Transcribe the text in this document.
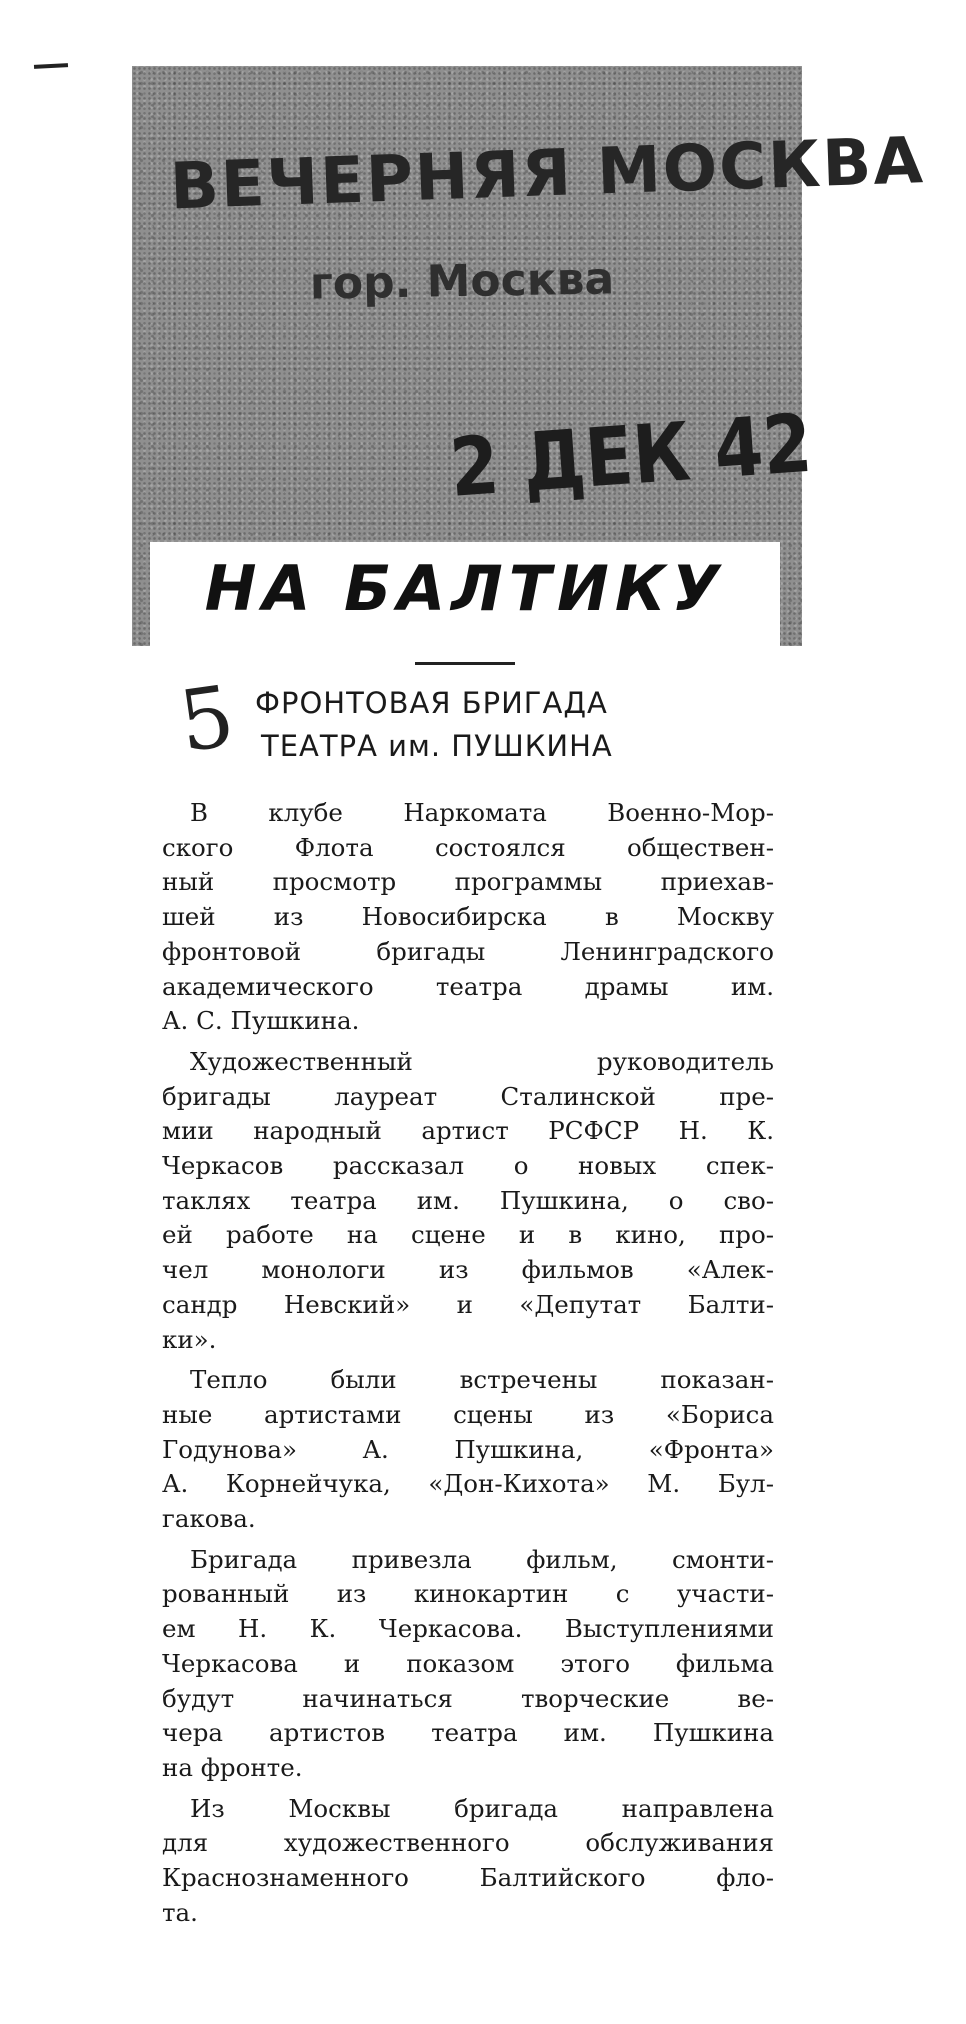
ВЕЧЕРНЯЯ МОСКВА
гор. Москва
2 ДЕК 42
НА БАЛТИКУ
5 ФРОНТОВАЯ БРИГАДА
ТЕАТРА им. ПУШКИНА
В клубе Наркомата Военно-Мор-
ского Флота состоялся обществен-
ный просмотр программы приехав-
шей из Новосибирска в Москву
фронтовой бригады Ленинградского
академического театра драмы им.
А. С. Пушкина.
Художественный руководитель
бригады лауреат Сталинской пре-
мии народный артист РСФСР Н. К.
Черкасов рассказал о новых спек-
таклях театра им. Пушкина, о сво-
ей работе на сцене и в кино, про-
чел монологи из фильмов «Алек-
сандр Невский» и «Депутат Балти-
ки».
Тепло были встречены показан-
ные артистами сцены из «Бориса
Годунова» А. Пушкина, «Фронта»
А. Корнейчука, «Дон-Кихота» М. Бул-
гакова.
Бригада привезла фильм, смонти-
рованный из кинокартин с участи-
ем Н. К. Черкасова. Выступлениями
Черкасова и показом этого фильма
будут начинаться творческие ве-
чера артистов театра им. Пушкина
на фронте.
Из Москвы бригада направлена
для художественного обслуживания
Краснознаменного Балтийского фло-
та.
